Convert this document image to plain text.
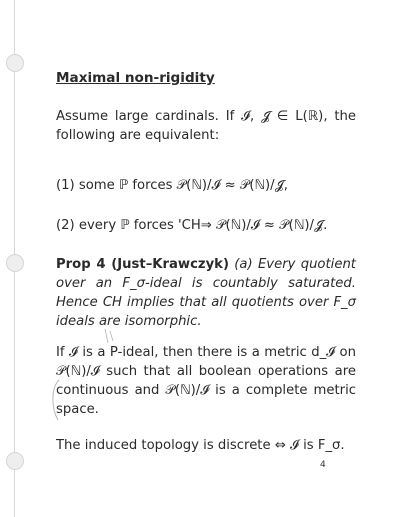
Maximal non-rigidity
Assume large cardinals. If 𝓘, 𝓙 ∈ L(ℝ), the following are equivalent:
(1) some ℙ forces 𝒫(ℕ)/𝓘 ≈ 𝒫(ℕ)/𝓙,
(2) every ℙ forces 'CH⇒ 𝒫(ℕ)/𝓘 ≈ 𝒫(ℕ)/𝓙.
Prop 4 (Just–Krawczyk) (a) Every quotient over an F_σ-ideal is countably saturated. Hence CH implies that all quotients over F_σ ideals are isomorphic.
If 𝓘 is a P-ideal, then there is a metric d_𝓘 on 𝒫(ℕ)/𝓘 such that all boolean operations are continuous and 𝒫(ℕ)/𝓘 is a complete metric space.
The induced topology is discrete ⇔ 𝓘 is F_σ.
4
